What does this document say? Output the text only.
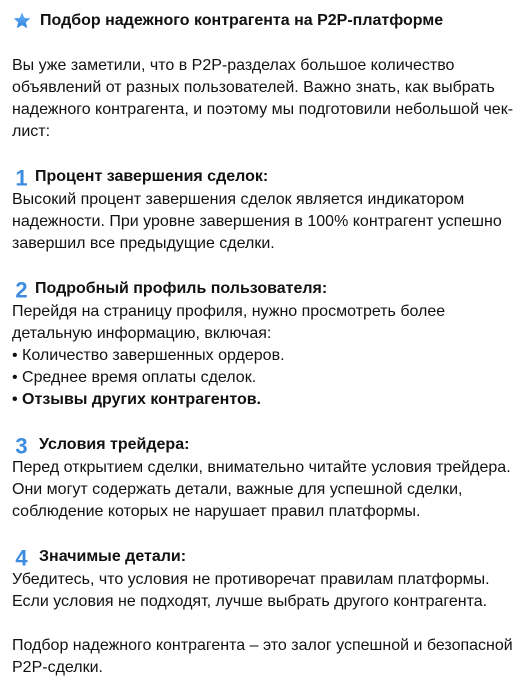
Подбор надежного контрагента на P2P-платформе

Вы уже заметили, что в P2P-разделах большое количество объявлений от разных пользователей. Важно знать, как выбрать надежного контрагента, и поэтому мы подготовили небольшой чек-лист:

1 Процент завершения сделок:

Высокий процент завершения сделок является индикатором надежности. При уровне завершения в 100% контрагент успешно завершил все предыдущие сделки.

2 Подробный профиль пользователя:

Перейдя на страницу профиля, нужно просмотреть более детальную информацию, включая:

• Количество завершенных ордеров.

• Среднее время оплаты сделок.

• Отзывы других контрагентов.

3 Условия трейдера:

Перед открытием сделки, внимательно читайте условия трейдера. Они могут содержать детали, важные для успешной сделки, соблюдение которых не нарушает правил платформы.

4 Значимые детали:

Убедитесь, что условия не противоречат правилам платформы. Если условия не подходят, лучше выбрать другого контрагента.

Подбор надежного контрагента – это залог успешной и безопасной P2P-сделки.
